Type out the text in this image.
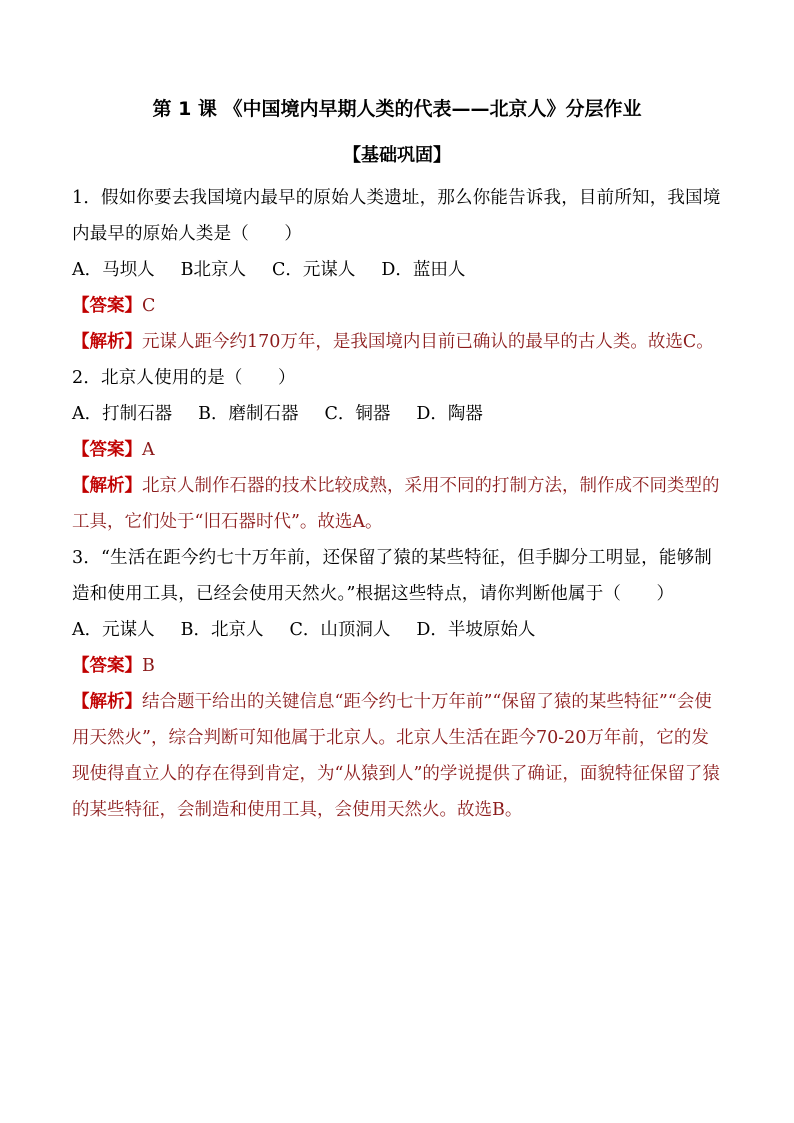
第 1 课 《中国境内早期人类的代表——北京人》分层作业
【基础巩固】

1．假如你要去我国境内最早的原始人类遗址，那么你能告诉我，目前所知，我国境内最早的原始人类是（　　）

A．马坝人 B北京人 C．元谋人 D．蓝田人

【答案】C

【解析】元谋人距今约170万年，是我国境内目前已确认的最早的古人类。故选C。

2．北京人使用的是（　　）

A．打制石器 B．磨制石器 C．铜器 D．陶器

【答案】A

【解析】北京人制作石器的技术比较成熟，采用不同的打制方法，制作成不同类型的工具，它们处于“旧石器时代”。故选A。

3．“生活在距今约七十万年前，还保留了猿的某些特征，但手脚分工明显，能够制造和使用工具，已经会使用天然火。”根据这些特点，请你判断他属于（　　）

A．元谋人 B．北京人 C．山顶洞人 D．半坡原始人

【答案】B

【解析】结合题干给出的关键信息“距今约七十万年前”“保留了猿的某些特征”“会使用天然火”，综合判断可知他属于北京人。北京人生活在距今70-20万年前，它的发现使得直立人的存在得到肯定，为“从猿到人”的学说提供了确证，面貌特征保留了猿的某些特征，会制造和使用工具，会使用天然火。故选B。
